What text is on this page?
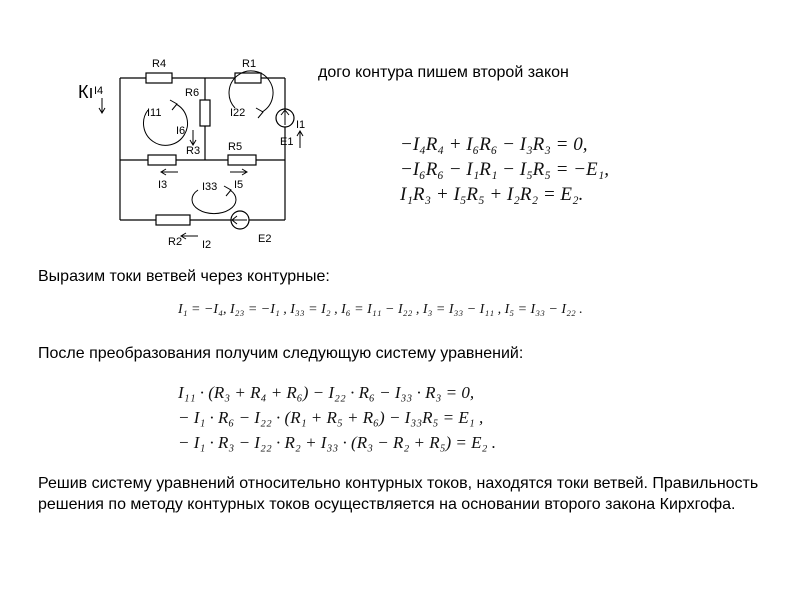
Кı
дого контура пишем второй закон
R4	R1
R6
R3	R5
R2
I4
I11
I6
I22
E1
I1
I3	I33 I5
I2	E2
−I₄R₄ + I₆R₆ − I₃R₃ = 0,
−I₆R₆ − I₁R₁ − I₅R₅ = −E₁,
I₁R₃ + I₅R₅ + I₂R₂ = E₂.
Выразим токи ветвей через контурные:
I₁ = −I₄, I₂₃ = −I₁ , I₃₃ = I₂ , I₆ = I₁₁ − I₂₂ , I₃ = I₃₃ − I₁₁ , I₅ = I₃₃ − I₂₂ .
После преобразования получим следующую систему уравнений:
I₁₁ · (R₃ + R₄ + R₆) − I₂₂ · R₆ − I₃₃ · R₃ = 0,
− I₁ · R₆ − I₂₂ · (R₁ + R₅ + R₆) − I₃₃R₅ = E₁ ,
− I₁ · R₃ − I₂₂ · R₂ + I₃₃ · (R₃ − R₂ + R₅) = E₂ .
Решив систему уравнений относительно контурных токов, находятся токи ветвей. Правильность решения по методу контурных токов осуществляется на основании второго закона Кирхгофа.
